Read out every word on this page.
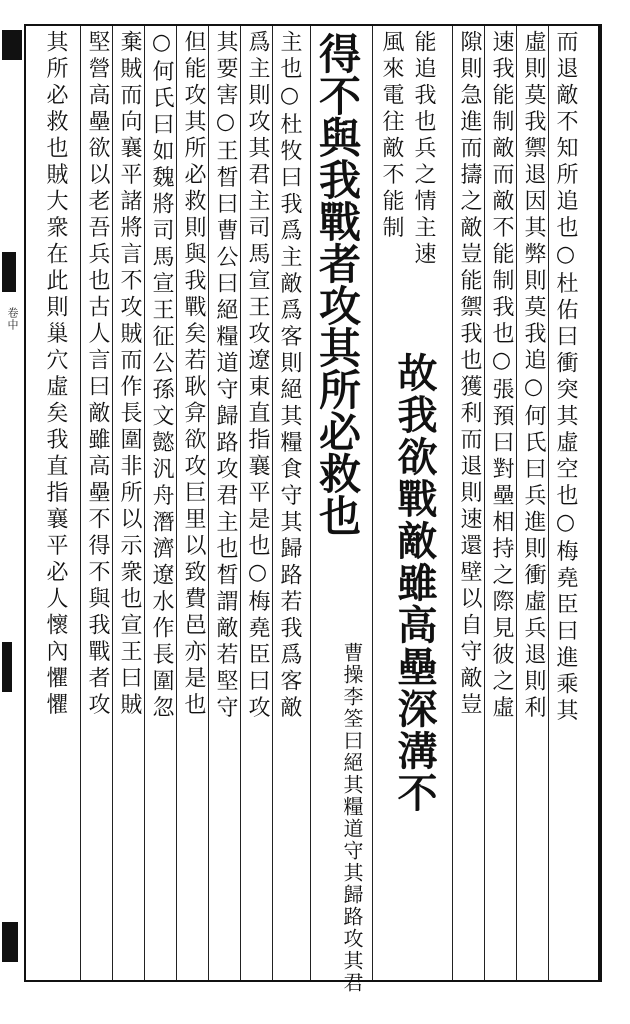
卷中	而退敵不知所追也○杜佑曰衝突其虛空也○梅堯臣曰進乘其
虛則莫我禦退因其弊則莫我追○何氏曰兵進則衝虛兵退則利
速我能制敵而敵不能制我也○張預曰對壘相持之際見彼之虛
隙則急進而擣之敵豈能禦我也獲利而退則速還壁以自守敵豈
能追我也兵之情主速
風來電往敵不能制
故我欲戰敵雖高壘深溝不
曹操李筌曰絕其糧道守其歸路攻其君
得不與我戰者攻其所必救也
主也○杜牧曰我爲主敵爲客則絕其糧食守其歸路若我爲客敵
爲主則攻其君主司馬宣王攻遼東直指襄平是也○梅堯臣曰攻
其要害○王晳曰曹公曰絕糧道守歸路攻君主也晳謂敵若堅守
但能攻其所必救則與我戰矣若耿弇欲攻巨里以致費邑亦是也
○何氏曰如魏將司馬宣王征公孫文懿汎舟潛濟遼水作長圍忽
棄賊而向襄平諸將言不攻賊而作長圍非所以示衆也宣王曰賊
堅營高壘欲以老吾兵也古人言曰敵雖高壘不得不與我戰者攻
其所必救也賊大衆在此則巢穴虛矣我直指襄平必人懷內懼懼
